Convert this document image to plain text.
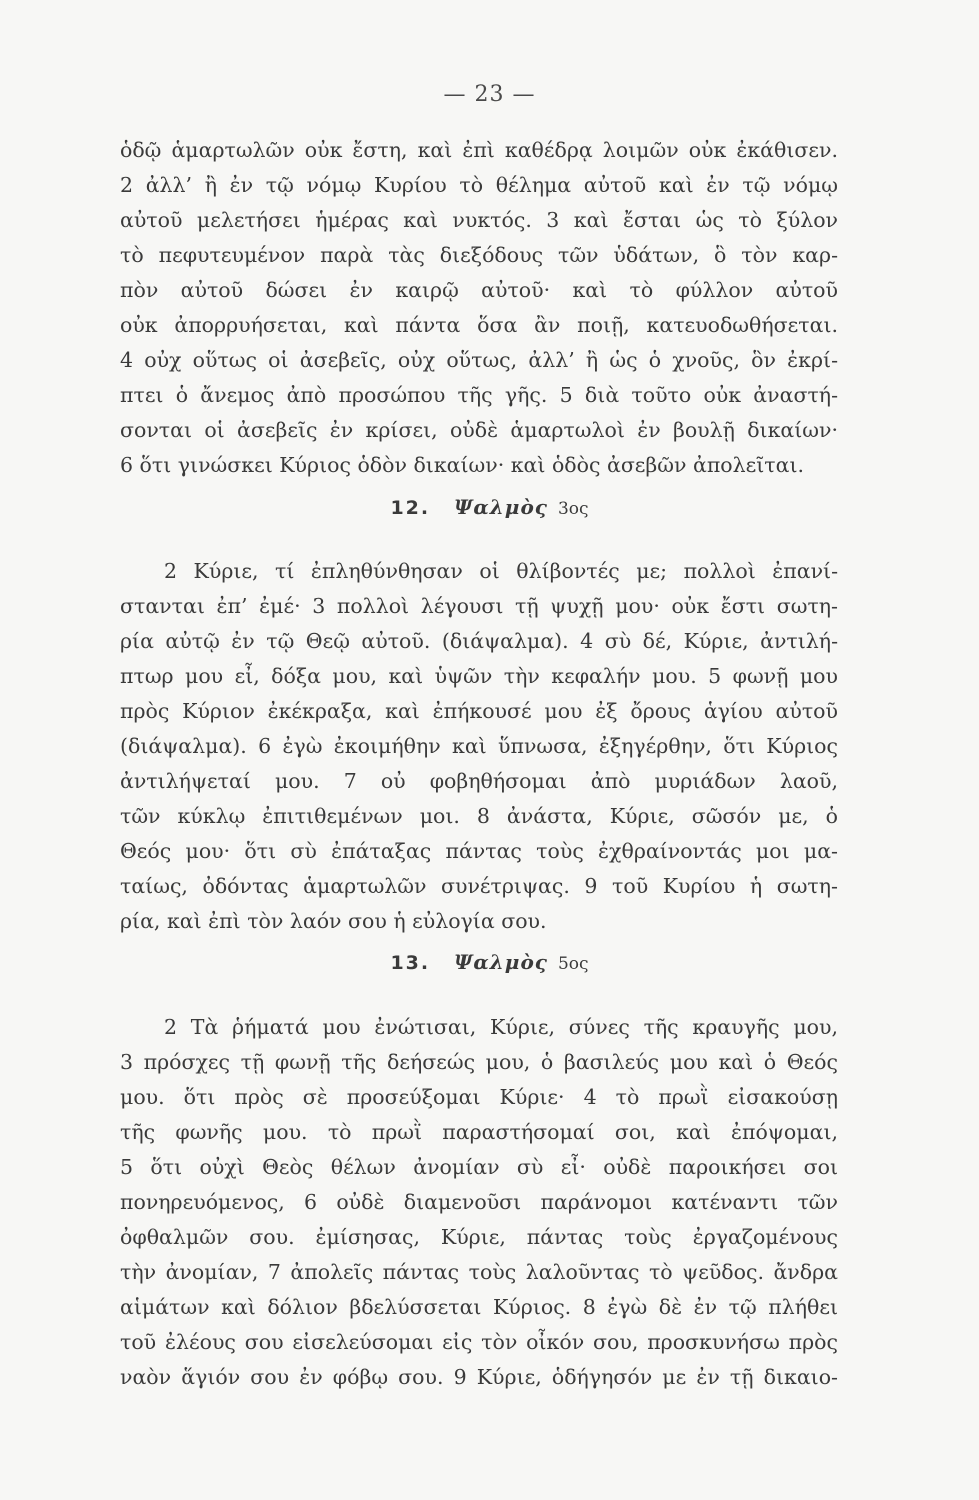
— 23 —
ὁδῷ ἁμαρτωλῶν οὐκ ἔστη, καὶ ἐπὶ καθέδρᾳ λοιμῶν οὐκ ἐκάθισεν.
2 ἀλλ’ ἢ ἐν τῷ νόμῳ Κυρίου τὸ θέλημα αὐτοῦ καὶ ἐν τῷ νόμῳ
αὐτοῦ μελετήσει ἡμέρας καὶ νυκτός. 3 καὶ ἔσται ὡς τὸ ξύλον
τὸ πεφυτευμένον παρὰ τὰς διεξόδους τῶν ὑδάτων, ὃ τὸν καρ-
πὸν αὐτοῦ δώσει ἐν καιρῷ αὐτοῦ· καὶ τὸ φύλλον αὐτοῦ
οὐκ ἀπορρυήσεται, καὶ πάντα ὅσα ἂν ποιῇ, κατευοδωθήσεται.
4 οὐχ οὕτως οἱ ἀσεβεῖς, οὐχ οὕτως, ἀλλ’ ἢ ὡς ὁ χνοῦς, ὃν ἐκρί-
πτει ὁ ἄνεμος ἀπὸ προσώπου τῆς γῆς. 5 διὰ τοῦτο οὐκ ἀναστή-
σονται οἱ ἀσεβεῖς ἐν κρίσει, οὐδὲ ἁμαρτωλοὶ ἐν βουλῇ δικαίων·
6 ὅτι γινώσκει Κύριος ὁδὸν δικαίων· καὶ ὁδὸς ἀσεβῶν ἀπολεῖται.
12. Ψαλμὸς 3ος
2 Κύριε, τί ἐπληθύνθησαν οἱ θλίβοντές με; πολλοὶ ἐπανί-
στανται ἐπ’ ἐμέ· 3 πολλοὶ λέγουσι τῇ ψυχῇ μου· οὐκ ἔστι σωτη-
ρία αὐτῷ ἐν τῷ Θεῷ αὐτοῦ. (διάψαλμα). 4 σὺ δέ, Κύριε, ἀντιλή-
πτωρ μου εἶ, δόξα μου, καὶ ὑψῶν τὴν κεφαλήν μου. 5 φωνῇ μου
πρὸς Κύριον ἐκέκραξα, καὶ ἐπήκουσέ μου ἐξ ὄρους ἁγίου αὐτοῦ
(διάψαλμα). 6 ἐγὼ ἐκοιμήθην καὶ ὕπνωσα, ἐξηγέρθην, ὅτι Κύριος
ἀντιλήψεταί μου. 7 οὐ φοβηθήσομαι ἀπὸ μυριάδων λαοῦ,
τῶν κύκλῳ ἐπιτιθεμένων μοι. 8 ἀνάστα, Κύριε, σῶσόν με, ὁ
Θεός μου· ὅτι σὺ ἐπάταξας πάντας τοὺς ἐχθραίνοντάς μοι μα-
ταίως, ὀδόντας ἁμαρτωλῶν συνέτριψας. 9 τοῦ Κυρίου ἡ σωτη-
ρία, καὶ ἐπὶ τὸν λαόν σου ἡ εὐλογία σου.
13. Ψαλμὸς 5ος
2 Τὰ ῥήματά μου ἐνώτισαι, Κύριε, σύνες τῆς κραυγῆς μου,
3 πρόσχες τῇ φωνῇ τῆς δεήσεώς μου, ὁ βασιλεύς μου καὶ ὁ Θεός
μου. ὅτι πρὸς σὲ προσεύξομαι Κύριε· 4 τὸ πρωῒ εἰσακούσῃ
τῆς φωνῆς μου. τὸ πρωῒ παραστήσομαί σοι, καὶ ἐπόψομαι,
5 ὅτι οὐχὶ Θεὸς θέλων ἀνομίαν σὺ εἶ· οὐδὲ παροικήσει σοι
πονηρευόμενος, 6 οὐδὲ διαμενοῦσι παράνομοι κατέναντι τῶν
ὀφθαλμῶν σου. ἐμίσησας, Κύριε, πάντας τοὺς ἐργαζομένους
τὴν ἀνομίαν, 7 ἀπολεῖς πάντας τοὺς λαλοῦντας τὸ ψεῦδος. ἄνδρα
αἱμάτων καὶ δόλιον βδελύσσεται Κύριος. 8 ἐγὼ δὲ ἐν τῷ πλήθει
τοῦ ἐλέους σου εἰσελεύσομαι εἰς τὸν οἶκόν σου, προσκυνήσω πρὸς
ναὸν ἅγιόν σου ἐν φόβῳ σου. 9 Κύριε, ὁδήγησόν με ἐν τῇ δικαιο-
